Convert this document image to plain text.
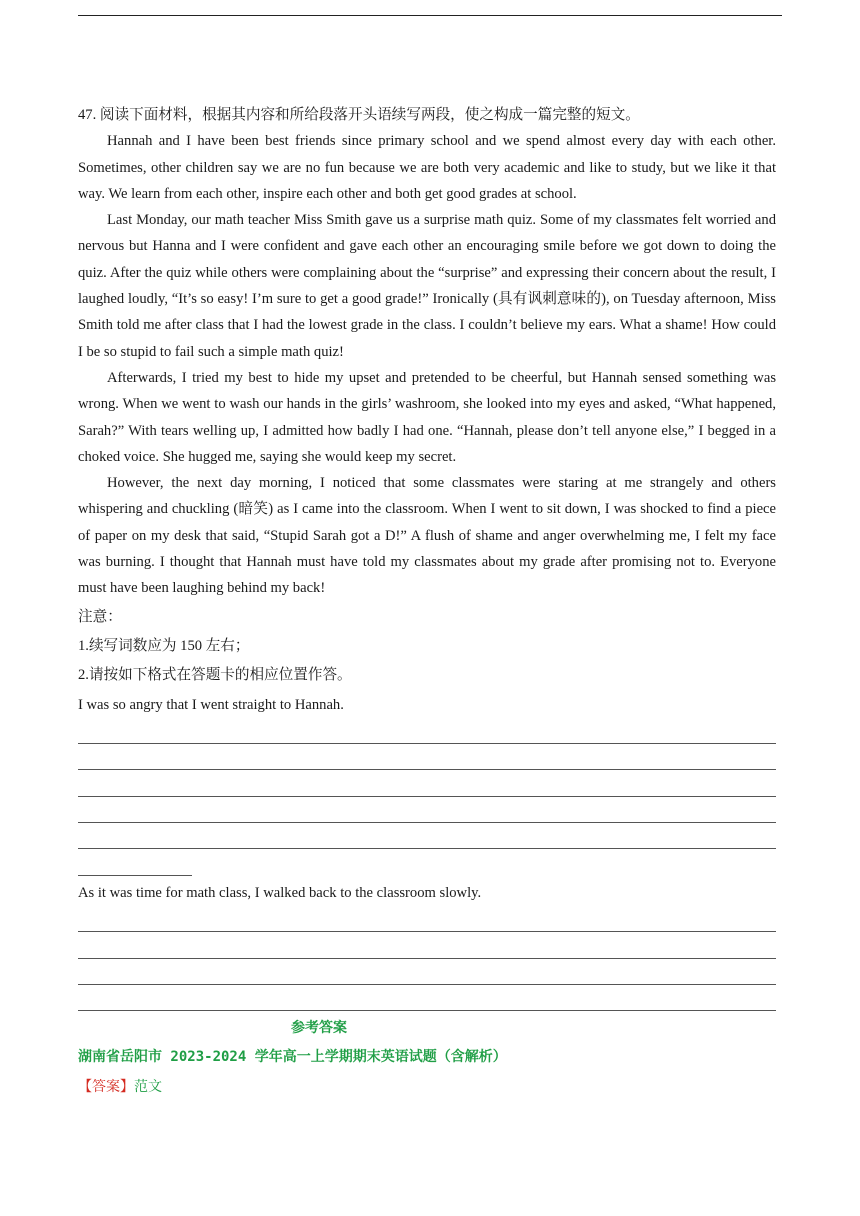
47. 阅读下面材料，根据其内容和所给段落开头语续写两段，使之构成一篇完整的短文。

Hannah and I have been best friends since primary school and we spend almost every day with each other. Sometimes, other children say we are no fun because we are both very academic and like to study, but we like it that way. We learn from each other, inspire each other and both get good grades at school.

Last Monday, our math teacher Miss Smith gave us a surprise math quiz. Some of my classmates felt worried and nervous but Hanna and I were confident and gave each other an encouraging smile before we got down to doing the quiz. After the quiz while others were complaining about the “surprise” and expressing their concern about the result, I laughed loudly, “It’s so easy! I’m sure to get a good grade!” Ironically (具有讽刺意味的), on Tuesday afternoon, Miss Smith told me after class that I had the lowest grade in the class. I couldn’t believe my ears. What a shame! How could I be so stupid to fail such a simple math quiz!

Afterwards, I tried my best to hide my upset and pretended to be cheerful, but Hannah sensed something was wrong. When we went to wash our hands in the girls’ washroom, she looked into my eyes and asked, “What happened, Sarah?” With tears welling up, I admitted how badly I had one. “Hannah, please don’t tell anyone else,” I begged in a choked voice. She hugged me, saying she would keep my secret.

However, the next day morning, I noticed that some classmates were staring at me strangely and others whispering and chuckling (暗笑) as I came into the classroom. When I went to sit down, I was shocked to find a piece of paper on my desk that said, “Stupid Sarah got a D!” A flush of shame and anger overwhelming me, I felt my face was burning. I thought that Hannah must have told my classmates about my grade after promising not to. Everyone must have been laughing behind my back!

注意：

1.续写词数应为 150 左右；

2.请按如下格式在答题卡的相应位置作答。

I was so angry that I went straight to Hannah.

As it was time for math class, I walked back to the classroom slowly.

参考答案

湖南省岳阳市 2023-2024 学年高一上学期期末英语试题（含解析）

【答案】范文
